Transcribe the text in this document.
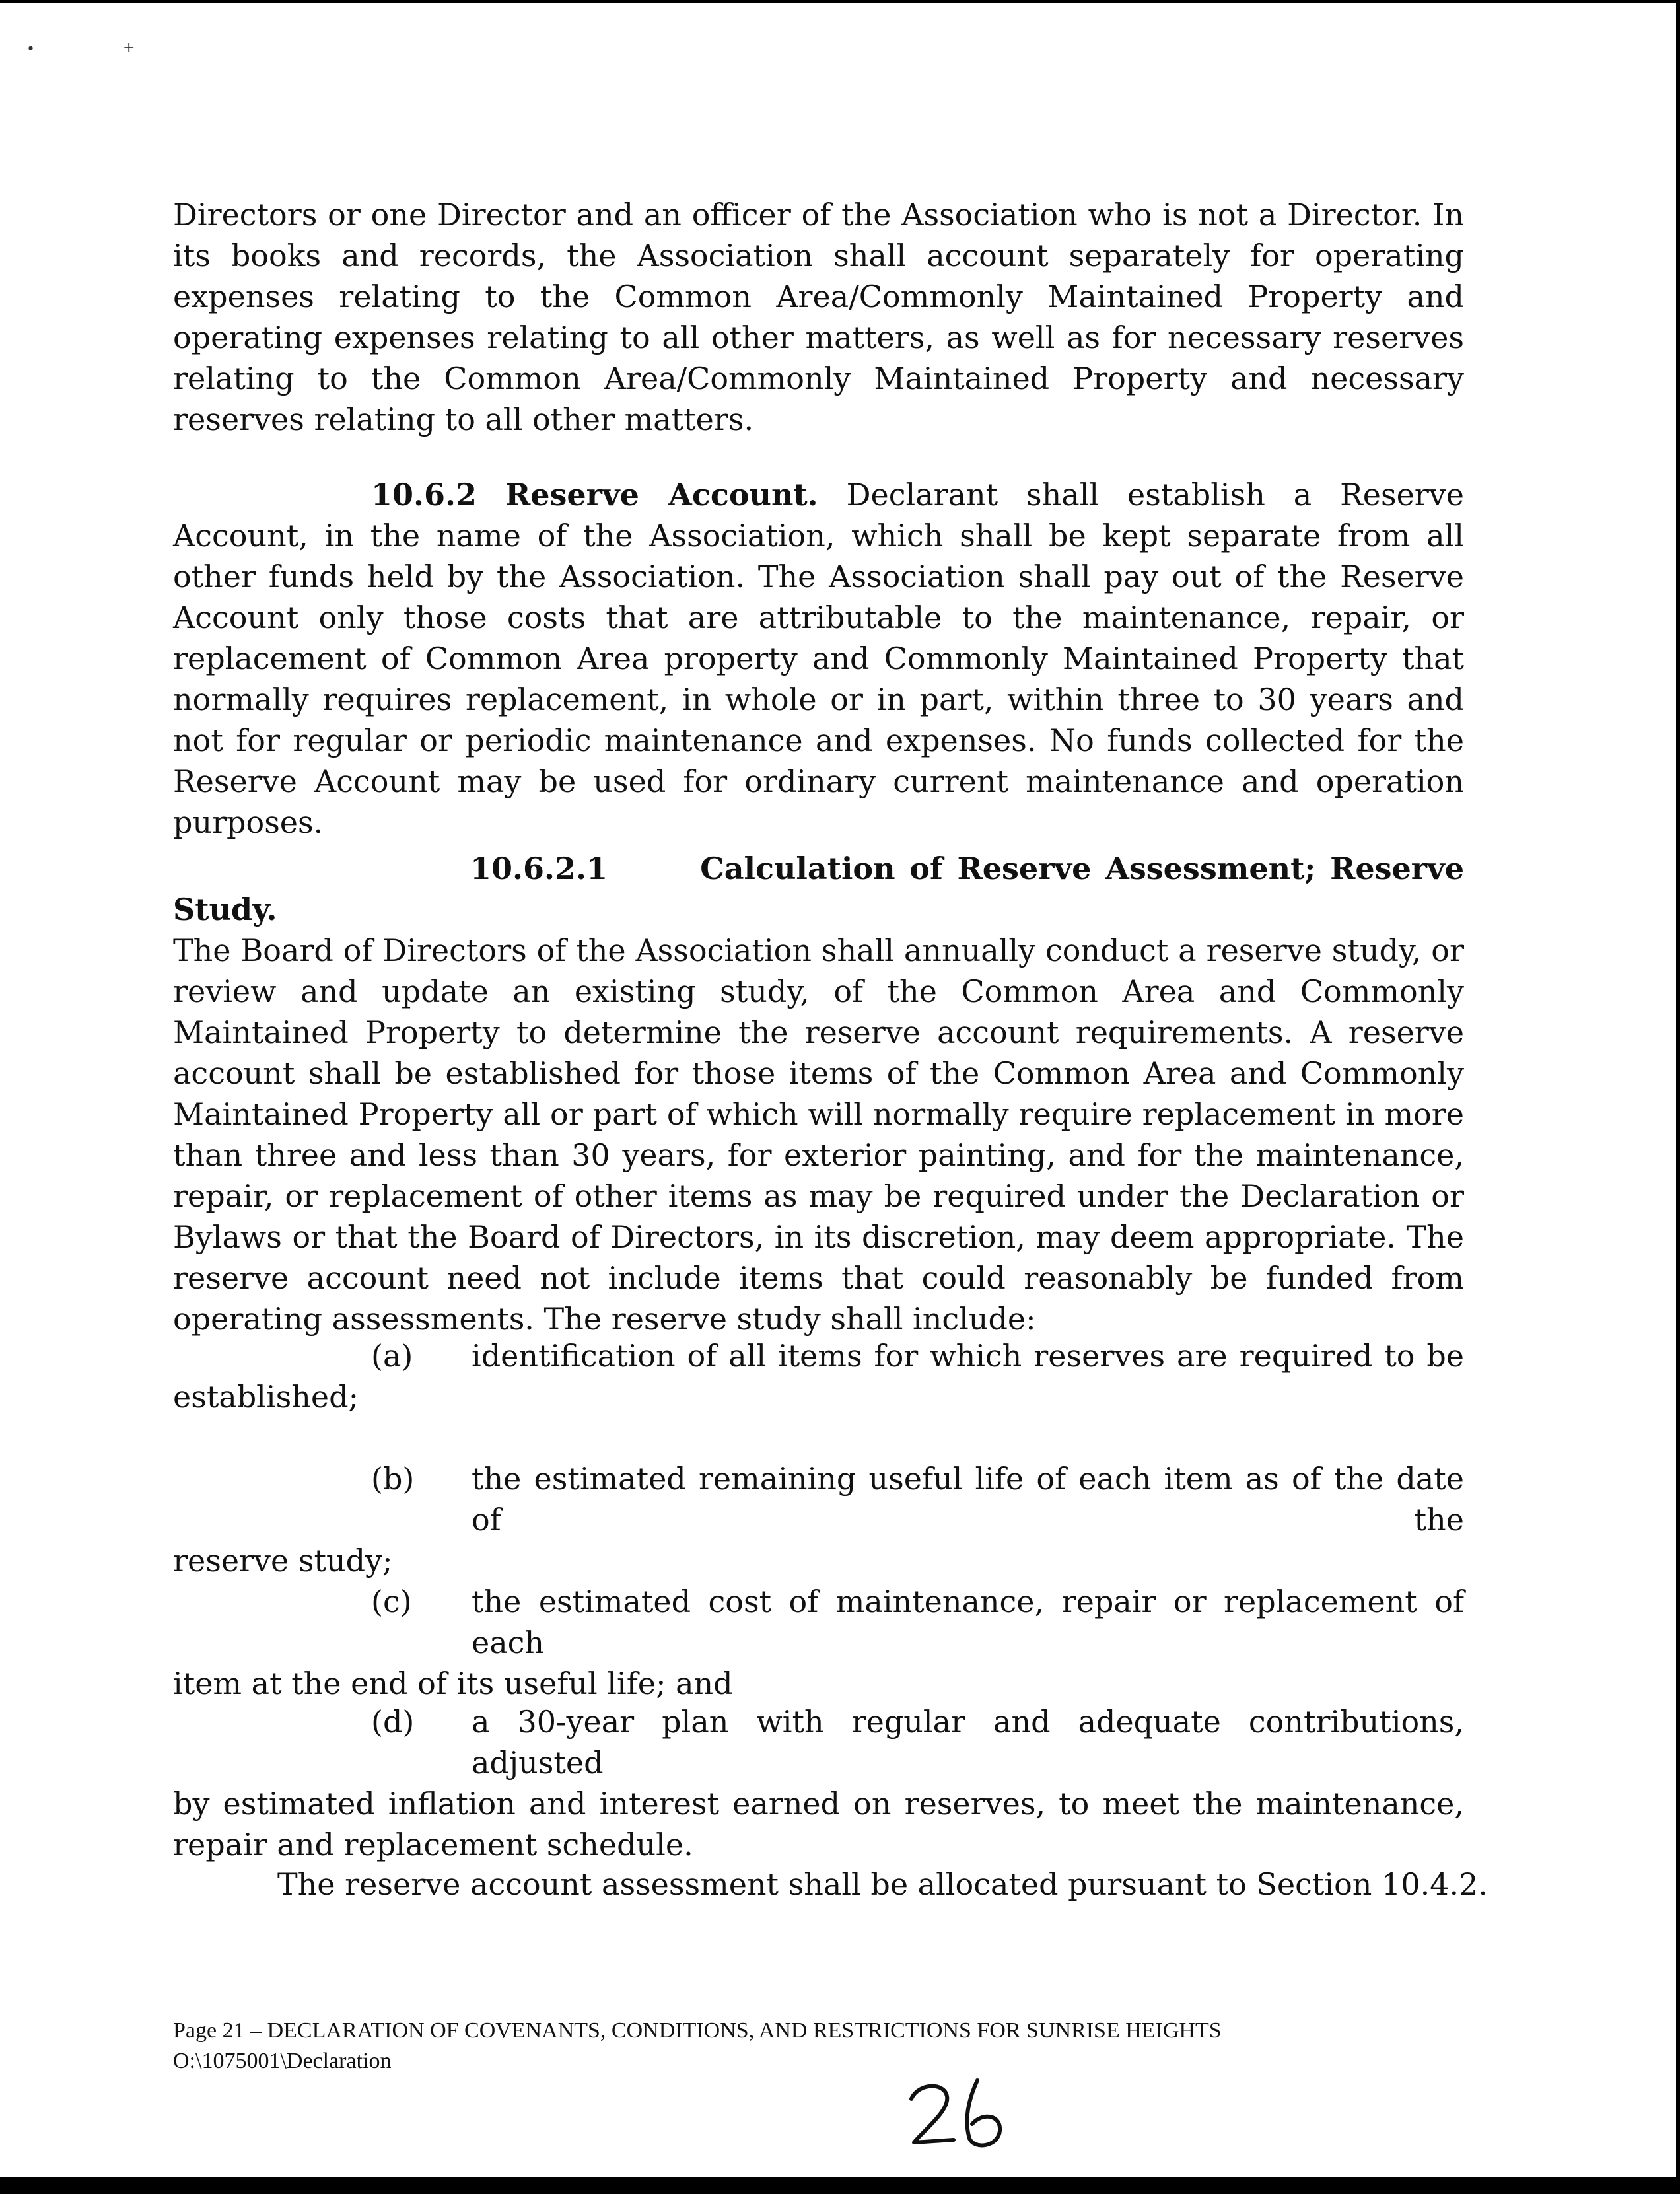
•	+
Directors or one Director and an officer of the Association who is not a Director. In its books and records, the Association shall account separately for operating expenses relating to the Common Area/Commonly Maintained Property and operating expenses relating to all other matters, as well as for necessary reserves relating to the Common Area/Commonly Maintained Property and necessary reserves relating to all other matters.
10.6.2 Reserve Account. Declarant shall establish a Reserve Account, in the name of the Association, which shall be kept separate from all other funds held by the Association. The Association shall pay out of the Reserve Account only those costs that are attributable to the maintenance, repair, or replacement of Common Area property and Commonly Maintained Property that normally requires replacement, in whole or in part, within three to 30 years and not for regular or periodic maintenance and expenses. No funds collected for the Reserve Account may be used for ordinary current maintenance and operation purposes.
10.6.2.1	Calculation of Reserve Assessment; Reserve Study.
The Board of Directors of the Association shall annually conduct a reserve study, or review and update an existing study, of the Common Area and Commonly Maintained Property to determine the reserve account requirements. A reserve account shall be established for those items of the Common Area and Commonly Maintained Property all or part of which will normally require replacement in more than three and less than 30 years, for exterior painting, and for the maintenance, repair, or replacement of other items as may be required under the Declaration or Bylaws or that the Board of Directors, in its discretion, may deem appropriate. The reserve account need not include items that could reasonably be funded from operating assessments. The reserve study shall include:
(a)	identification of all items for which reserves are required to be
established;
(b)	the estimated remaining useful life of each item as of the date of the
reserve study;
(c)	the estimated cost of maintenance, repair or replacement of each
item at the end of its useful life; and
(d)	a 30-year plan with regular and adequate contributions, adjusted
by estimated inflation and interest earned on reserves, to meet the maintenance, repair and replacement schedule.
The reserve account assessment shall be allocated pursuant to Section 10.4.2.
Page 21 – DECLARATION OF COVENANTS, CONDITIONS, AND RESTRICTIONS FOR SUNRISE HEIGHTS
O:\1075001\Declaration
